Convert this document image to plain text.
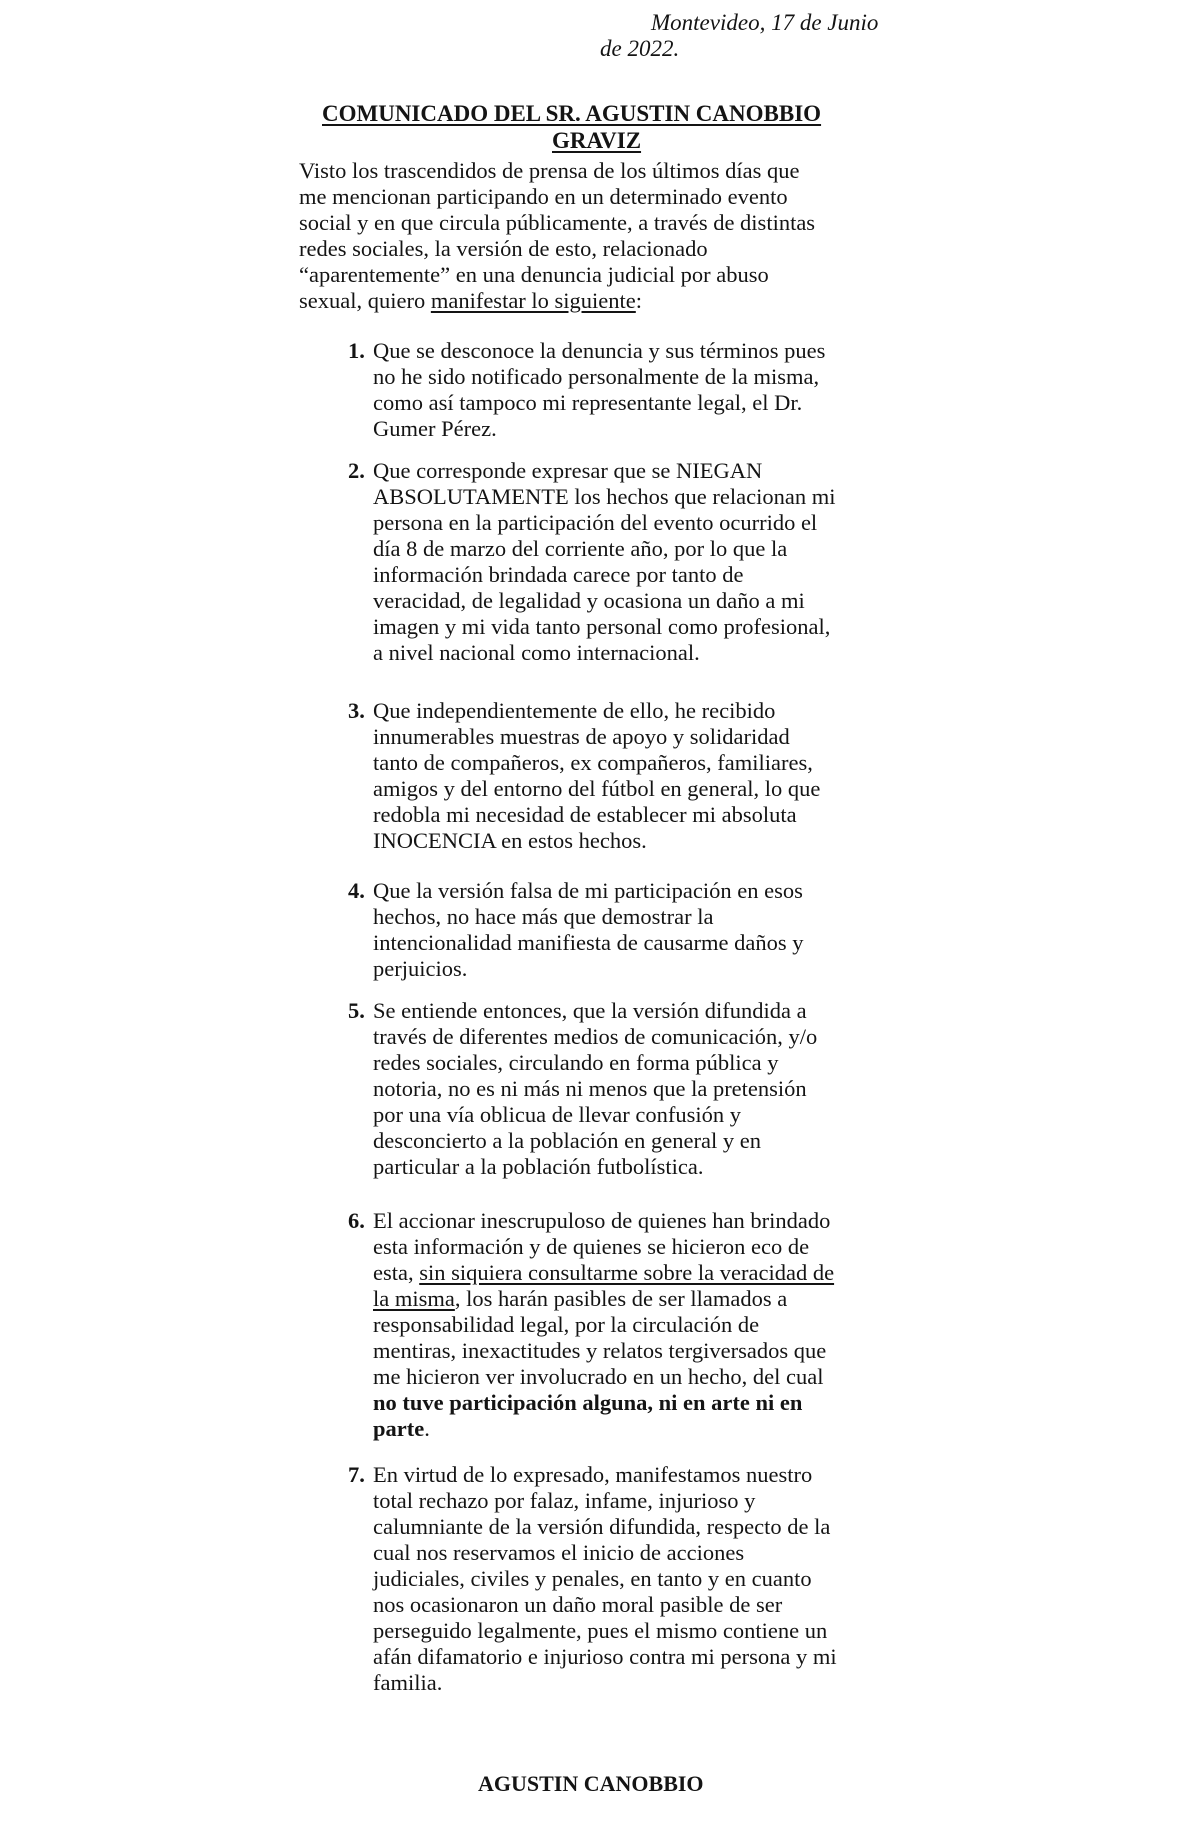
Montevideo, 17 de Junio
de 2022.
COMUNICADO DEL SR. AGUSTIN CANOBBIO
GRAVIZ
Visto los trascendidos de prensa de los últimos días que
me mencionan participando en un determinado evento
social y en que circula públicamente, a través de distintas
redes sociales, la versión de esto, relacionado
“aparentemente” en una denuncia judicial por abuso
sexual, quiero manifestar lo siguiente:
1. Que se desconoce la denuncia y sus términos pues
no he sido notificado personalmente de la misma,
como así tampoco mi representante legal, el Dr.
Gumer Pérez.
2. Que corresponde expresar que se NIEGAN
ABSOLUTAMENTE los hechos que relacionan mi
persona en la participación del evento ocurrido el
día 8 de marzo del corriente año, por lo que la
información brindada carece por tanto de
veracidad, de legalidad y ocasiona un daño a mi
imagen y mi vida tanto personal como profesional,
a nivel nacional como internacional.
3. Que independientemente de ello, he recibido
innumerables muestras de apoyo y solidaridad
tanto de compañeros, ex compañeros, familiares,
amigos y del entorno del fútbol en general, lo que
redobla mi necesidad de establecer mi absoluta
INOCENCIA en estos hechos.
4. Que la versión falsa de mi participación en esos
hechos, no hace más que demostrar la
intencionalidad manifiesta de causarme daños y
perjuicios.
5. Se entiende entonces, que la versión difundida a
través de diferentes medios de comunicación, y/o
redes sociales, circulando en forma pública y
notoria, no es ni más ni menos que la pretensión
por una vía oblicua de llevar confusión y
desconcierto a la población en general y en
particular a la población futbolística.
6. El accionar inescrupuloso de quienes han brindado
esta información y de quienes se hicieron eco de
esta, sin siquiera consultarme sobre la veracidad de
la misma, los harán pasibles de ser llamados a
responsabilidad legal, por la circulación de
mentiras, inexactitudes y relatos tergiversados que
me hicieron ver involucrado en un hecho, del cual
no tuve participación alguna, ni en arte ni en
parte.
7. En virtud de lo expresado, manifestamos nuestro
total rechazo por falaz, infame, injurioso y
calumniante de la versión difundida, respecto de la
cual nos reservamos el inicio de acciones
judiciales, civiles y penales, en tanto y en cuanto
nos ocasionaron un daño moral pasible de ser
perseguido legalmente, pues el mismo contiene un
afán difamatorio e injurioso contra mi persona y mi
familia.
AGUSTIN CANOBBIO
